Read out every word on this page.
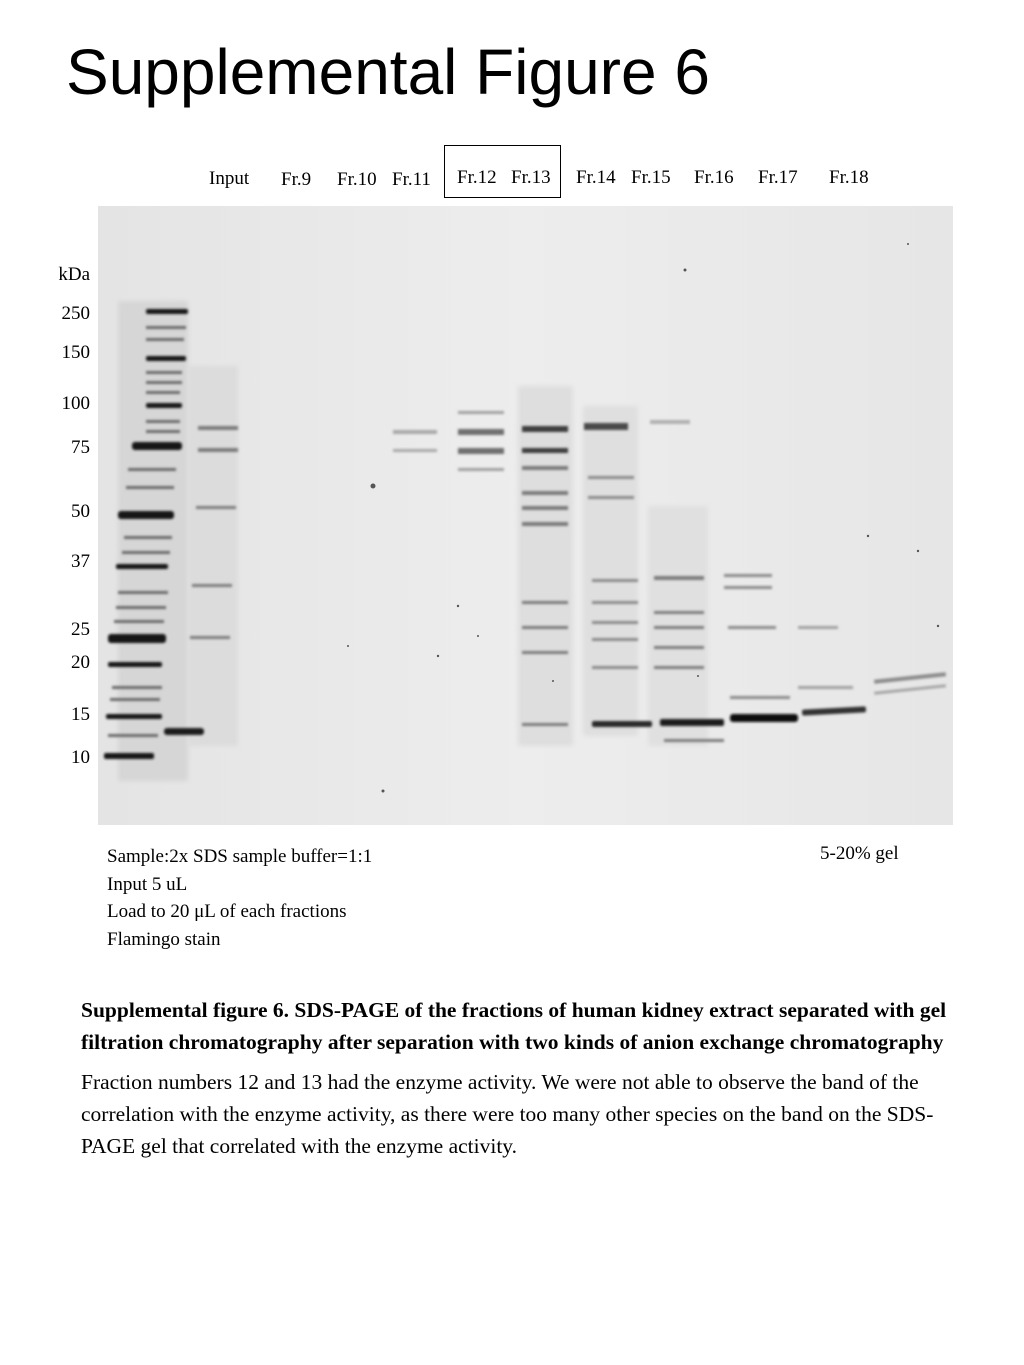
Supplemental Figure 6
Input Fr.9 Fr.10 Fr.11 Fr.12 Fr.13 Fr.14 Fr.15 Fr.16 Fr.17 Fr.18
kDa
250
150
100
75
50
37
25
20
15
10
Sample:2x SDS sample buffer=1:1
Input 5 uL
Load to 20 μL of each fractions
Flamingo stain
5-20% gel

Supplemental figure 6. SDS-PAGE of the fractions of human kidney extract separated with gel filtration chromatography after separation with two kinds of anion exchange chromatography

Fraction numbers 12 and 13 had the enzyme activity. We were not able to observe the band of the correlation with the enzyme activity, as there were too many other species on the band on the SDS-PAGE gel that correlated with the enzyme activity.
